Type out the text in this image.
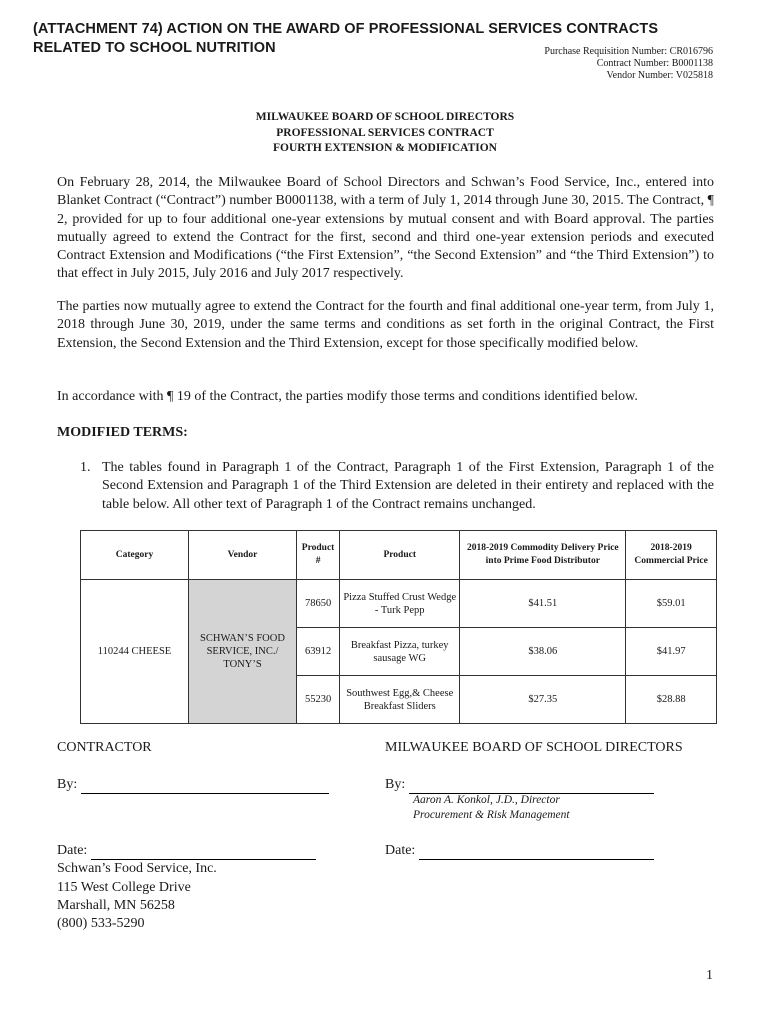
(ATTACHMENT 74) ACTION ON THE AWARD OF PROFESSIONAL SERVICES CONTRACTS
RELATED TO SCHOOL NUTRITION	Purchase Requisition Number: CR016796
Contract Number: B0001138
Vendor Number: V025818
MILWAUKEE BOARD OF SCHOOL DIRECTORS
PROFESSIONAL SERVICES CONTRACT
FOURTH EXTENSION & MODIFICATION
On February 28, 2014, the Milwaukee Board of School Directors and Schwan’s Food Service, Inc., entered into Blanket Contract (“Contract”) number B0001138, with a term of July 1, 2014 through June 30, 2015. The Contract, ¶ 2, provided for up to four additional one-year extensions by mutual consent and with Board approval. The parties mutually agreed to extend the Contract for the first, second and third one-year extension periods and executed Contract Extension and Modifications (“the First Extension”, “the Second Extension” and “the Third Extension”) to that effect in July 2015, July 2016 and July 2017 respectively.
The parties now mutually agree to extend the Contract for the fourth and final additional one-year term, from July 1, 2018 through June 30, 2019, under the same terms and conditions as set forth in the original Contract, the First Extension, the Second Extension and the Third Extension, except for those specifically modified below.
In accordance with ¶ 19 of the Contract, the parties modify those terms and conditions identified below.
MODIFIED TERMS:
1. The tables found in Paragraph 1 of the Contract, Paragraph 1 of the First Extension, Paragraph 1 of the Second Extension and Paragraph 1 of the Third Extension are deleted in their entirety and replaced with the table below. All other text of Paragraph 1 of the Contract remains unchanged.
Category	Vendor	Product #	Product	2018-2019 Commodity Delivery Price into Prime Food Distributor	2018-2019 Commercial Price
110244 CHEESE	SCHWAN’S FOOD SERVICE, INC./ TONY’S	78650	Pizza Stuffed Crust Wedge - Turk Pepp	$41.51	$59.01
		63912	Breakfast Pizza, turkey sausage WG	$38.06	$41.97
		55230	Southwest Egg,& Cheese Breakfast Sliders	$27.35	$28.88
CONTRACTOR	MILWAUKEE BOARD OF SCHOOL DIRECTORS
By:	By:
Aaron A. Konkol, J.D., Director
Procurement & Risk Management
Date:
Schwan’s Food Service, Inc.
115 West College Drive
Marshall, MN 56258
(800) 533-5290
Date:
1
